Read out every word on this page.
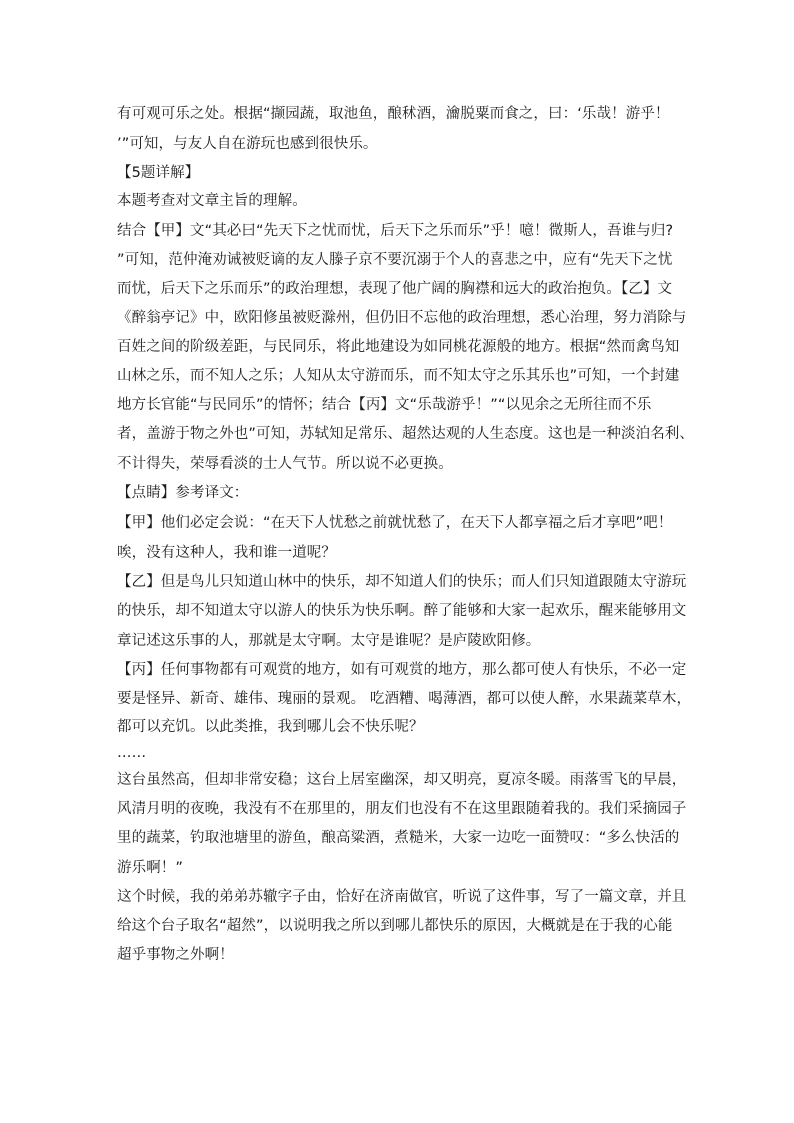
有可观可乐之处。根据“撷园蔬，取池鱼，酿秫酒，瀹脱粟而食之，曰：‘乐哉！游乎！
’”可知，与友人自在游玩也感到很快乐。
【5题详解】
本题考查对文章主旨的理解。
结合【甲】文“其必曰“先天下之忧而忧，后天下之乐而乐”乎！噫！微斯人，吾谁与归?
”可知，范仲淹劝诫被贬谪的友人滕子京不要沉溺于个人的喜悲之中，应有“先天下之忧
而忧，后天下之乐而乐”的政治理想，表现了他广阔的胸襟和远大的政治抱负。【乙】文
《醉翁亭记》中，欧阳修虽被贬滁州，但仍旧不忘他的政治理想，悉心治理，努力消除与
百姓之间的阶级差距，与民同乐，将此地建设为如同桃花源般的地方。根据“然而禽鸟知
山林之乐，而不知人之乐；人知从太守游而乐，而不知太守之乐其乐也”可知，一个封建
地方长官能“与民同乐”的情怀；结合【丙】文“乐哉游乎！”“以见余之无所往而不乐
者，盖游于物之外也”可知，苏轼知足常乐、超然达观的人生态度。这也是一种淡泊名利、
不计得失，荣辱看淡的士人气节。所以说不必更换。
【点睛】参考译文：
【甲】他们必定会说：“在天下人忧愁之前就忧愁了，在天下人都享福之后才享吧”吧！
唉，没有这种人，我和谁一道呢？
【乙】但是鸟儿只知道山林中的快乐，却不知道人们的快乐；而人们只知道跟随太守游玩
的快乐，却不知道太守以游人的快乐为快乐啊。醉了能够和大家一起欢乐，醒来能够用文
章记述这乐事的人，那就是太守啊。太守是谁呢？是庐陵欧阳修。
【丙】任何事物都有可观赏的地方，如有可观赏的地方，那么都可使人有快乐，不必一定
要是怪异、新奇、雄伟、瑰丽的景观。 吃酒糟、喝薄酒，都可以使人醉，水果蔬菜草木，
都可以充饥。以此类推，我到哪儿会不快乐呢？
……
这台虽然高，但却非常安稳；这台上居室幽深，却又明亮，夏凉冬暖。雨落雪飞的早晨，
风清月明的夜晚，我没有不在那里的，朋友们也没有不在这里跟随着我的。我们采摘园子
里的蔬菜，钓取池塘里的游鱼，酿高粱酒，煮糙米，大家一边吃一面赞叹：“多么快活的
游乐啊！”
这个时候，我的弟弟苏辙字子由，恰好在济南做官，听说了这件事，写了一篇文章，并且
给这个台子取名“超然”，以说明我之所以到哪儿都快乐的原因，大概就是在于我的心能
超乎事物之外啊！
